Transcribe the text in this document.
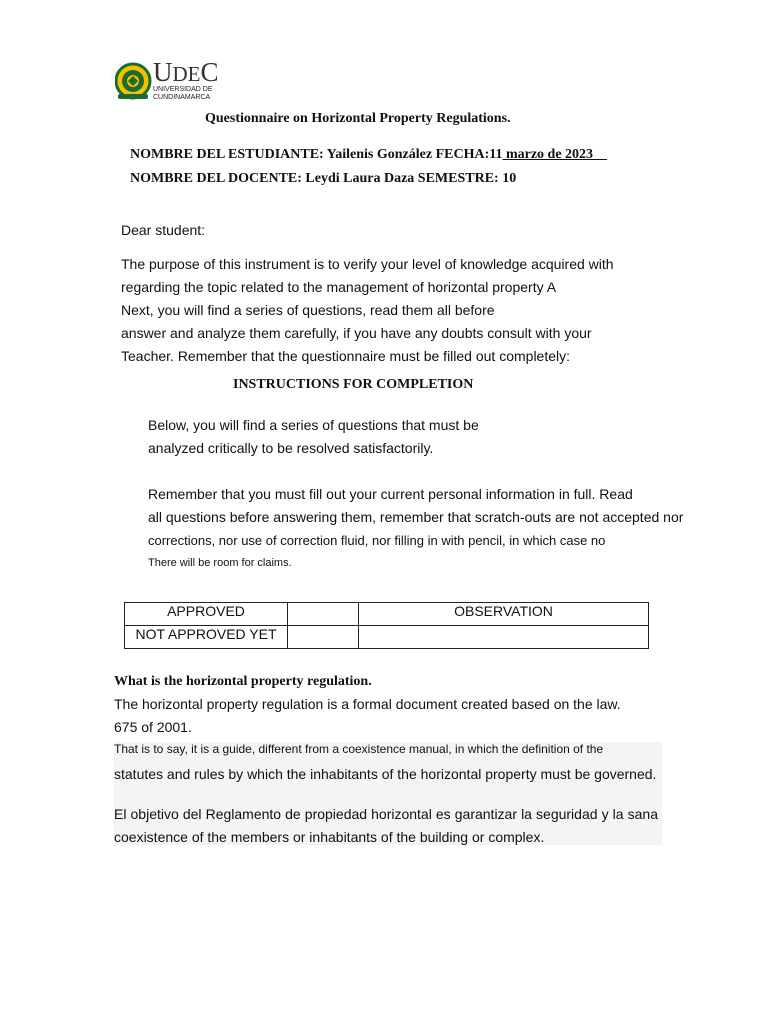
UDEC
UNIVERSIDAD DE
CUNDINAMARCA
Questionnaire on Horizontal Property Regulations.
NOMBRE DEL ESTUDIANTE: Yailenis González FECHA:11 marzo de 2023
NOMBRE DEL DOCENTE: Leydi Laura Daza SEMESTRE: 10
Dear student:
The purpose of this instrument is to verify your level of knowledge acquired with
regarding the topic related to the management of horizontal property A
Next, you will find a series of questions, read them all before
answer and analyze them carefully, if you have any doubts consult with your
Teacher. Remember that the questionnaire must be filled out completely:
INSTRUCTIONS FOR COMPLETION
Below, you will find a series of questions that must be
analyzed critically to be resolved satisfactorily.
Remember that you must fill out your current personal information in full. Read
all questions before answering them, remember that scratch-outs are not accepted nor
corrections, nor use of correction fluid, nor filling in with pencil, in which case no
There will be room for claims.
APPROVED		OBSERVATION
NOT APPROVED YET		
What is the horizontal property regulation.
The horizontal property regulation is a formal document created based on the law.
675 of 2001.
That is to say, it is a guide, different from a coexistence manual, in which the definition of the
statutes and rules by which the inhabitants of the horizontal property must be governed.
El objetivo del Reglamento de propiedad horizontal es garantizar la seguridad y la sana
coexistence of the members or inhabitants of the building or complex.
